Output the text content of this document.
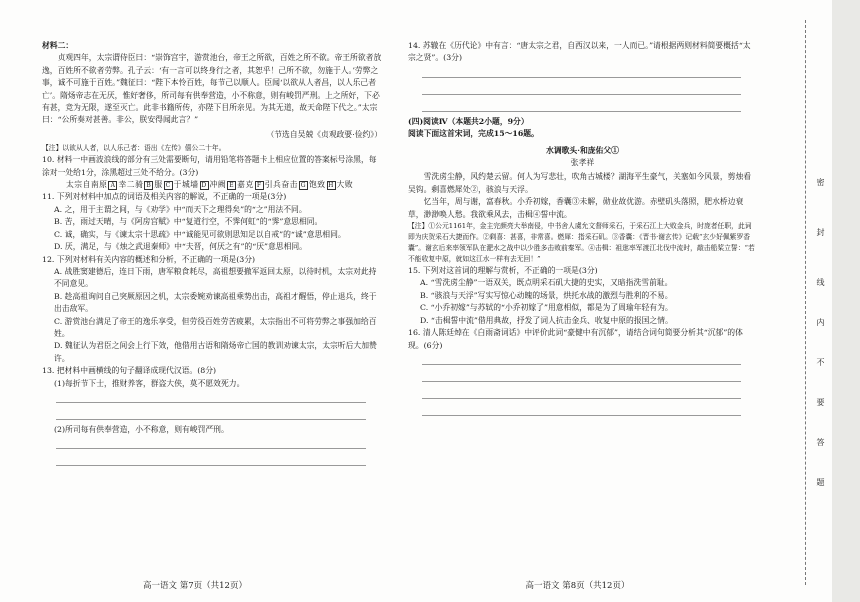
材料二：

贞观四年，太宗谓侍臣曰：“崇饰宫宇，游赏池台，帝王之所欲，百姓之所不欲。帝王所欲者放逸，百姓所不欲者劳弊。孔子云：‘有一言可以终身行之者，其恕乎！己所不欲，勿施于人。’劳弊之事，诚不可施于百姓。”魏征曰：“陛下本怜百姓，每节己以顺人。臣闻‘以欲从人者昌，以人乐己者亡’。隋炀帝志在无厌，惟好奢侈，所司每有供奉营造，小不称意，则有峻罚严刑。上之所好，下必有甚，竞为无限，遂至灭亡。此非书籍所传，亦陛下目所亲见。为其无道，故天命陛下代之。”太宗曰：“公所奏对甚善。非公，朕安得闻此言？”

（节选自吴兢《贞观政要·俭约》）

【注】以欲从人者，以人乐己者：语出《左传》僖公二十年。

10. 材料一中画波浪线的部分有三处需要断句，请用铅笔将答题卡上相应位置的答案标号涂黑，每涂对一处给1分，涂黑超过三处不给分。(3分)

太宗自南原 A 幸二骑 B 服 C 于城墙 D 冲阙 E 嘉克 F 引兵奋击 G 饱致 H 大败

11. 下列对材料中加点的词语及相关内容的解说，不正确的一项是(3分)

A. 之，用于主谓之间，与《劝学》中“而天下之理得矣”的“之”用法不同。

B. 苦，雨过天晴，与《阿房宫赋》中“复道行空，不霁何虹”的“霁”意思相同。

C. 诚，确实，与《谏太宗十思疏》中“诚能见可欲则思知足以自戒”的“诚”意思相同。

D. 厌，满足，与《烛之武退秦师》中“夫晋，何厌之有”的“厌”意思相同。

12. 下列对材料有关内容的概述和分析，不正确的一项是(3分)

A. 战胜窦建德后，连日下雨，唐军粮食耗尽，高祖想要撤军返回太原，以待时机，太宗对此持不同意见。

B. 趁高祖询问自己突厥原因之机，太宗委婉劝谏高祖乘势出击，高祖才醒悟，停止退兵，终于出击敌军。

C. 游赏池台满足了帝王的逸乐享受，但劳役百姓劳苦疲累，太宗指出不可将劳弊之事强加给百姓。

D. 魏征认为君臣之间会上行下效，他借用古语和隋炀帝亡国的教训劝谏太宗，太宗听后大加赞许。

13. 把材料中画横线的句子翻译成现代汉语。(8分)

(1)每折节下士，推财养客，群盗大侠，莫不愿效死力。

(2)所司每有供奉营造，小不称意，则有峻罚严刑。

高一语文 第7页（共12页）

14. 苏辙在《历代论》中有言：“唐太宗之君，自西汉以来，一人而已。”请根据两则材料简要概括“太宗之贤”。(3分)

(四)阅读Ⅳ（本题共2小题，9分）

阅读下面这首宋词，完成15～16题。

水调歌头·和庞佑父①

张孝祥

雪洗虏尘静，风约楚云留。何人为写悲壮，吹角古城楼？湖海平生豪气，关塞如今风景，剪烛看吴钩。剩喜燃犀处②，骇浪与天浮。

忆当年，周与谢，富春秋。小乔初嫁，香囊③未解，勋业故优游。赤壁矶头落照，肥水桥边衰草，渺渺唤人愁。我欲乘风去，击楫④誓中流。

【注】①公元1161年，金主完颜亮大举南侵，中书舍人虞允文督师采石，于采石江上大败金兵，时庞者任职，此词即为庆贺采石大捷而作。②剩喜：甚喜，非常喜。燃犀：指采石矶。③香囊：《晋书·谢玄传》记载“玄少好佩紫罗香囊”。谢玄后来率领军队在淝水之战中以少胜多击败前秦军。④击楫：祖逖率军渡江北伐中流时，敲击船桨立誓：“若不能收复中原，就如这江水一样有去无回！”

15. 下列对这首词的理解与赏析，不正确的一项是(3分)

A. “雪洗虏尘静”一语双关，既点明采石矶大捷的史实，又暗指洗雪前耻。

B. “骇浪与天浮”写实写惊心动魄的场景，烘托水战的激烈与胜利的不易。

C. “小乔初嫁”与苏轼的“小乔初嫁了”用意相似，都是为了周瑜年轻有为。

D. “击楫誓中流”借用典故，抒发了词人抗击金兵、收复中原的报国之情。

16. 清人陈廷焯在《白雨斋词话》中评价此词“豪健中有沉郁”，请结合词句简要分析其“沉郁”的体现。(6分)

高一语文 第8页（共12页）
密
封
线
内
不
要
答
题
